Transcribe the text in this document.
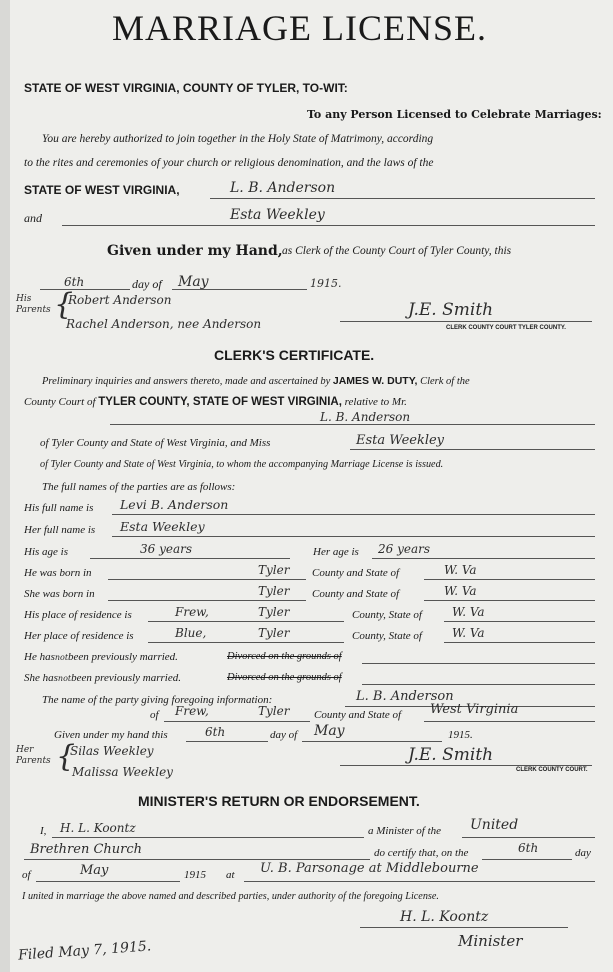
MARRIAGE LICENSE.
STATE OF WEST VIRGINIA, COUNTY OF TYLER, TO-WIT:
To any Person Licensed to Celebrate Marriages:
You are hereby authorized to join together in the Holy State of Matrimony, according
to the rites and ceremonies of your church or religious denomination, and the laws of the
STATE OF WEST VIRGINIA,	L. B. Anderson
and	Esta Weekley
Given under my Hand, as Clerk of the County Court of Tyler County, this
6th	day of May	1915.
His
Parents {
Robert Anderson
Rachel Anderson, nee Anderson
J.E. Smith
CLERK COUNTY COURT TYLER COUNTY.
CLERK'S CERTIFICATE.
Preliminary inquiries and answers thereto, made and ascertained by JAMES W. DUTY, Clerk of the
County Court of TYLER COUNTY, STATE OF WEST VIRGINIA, relative to Mr.
L. B. Anderson
of Tyler County and State of West Virginia, and Miss	Esta Weekley
of Tyler County and State of West Virginia, to whom the accompanying Marriage License is issued.
The full names of the parties are as follows:
His full name is Levi B. Anderson
Her full name is Esta Weekley
His age is	36 years	Her age is 26 years
He was born in	Tyler County and State of	W. Va
She was born in	Tyler County and State of	W. Va
His place of residence is	Frew,	Tyler	County, State of	W. Va
Her place of residence is	Blue,	Tyler	County, State of	W. Va
He hasnotbeen previously married.	Divorced on the grounds of
She hasnotbeen previously married.	Divorced on the grounds of
The name of the party giving foregoing information:	L. B. Anderson
of Frew,	Tyler County and State of West Virginia
Given under my hand this	6th	day of May	1915.
Her
Parents {
Silas Weekley
Malissa Weekley
J.E. Smith
CLERK COUNTY COURT.
MINISTER'S RETURN OR ENDORSEMENT.
I, H. L. Koontz	a Minister of the United
Brethren Church	do certify that, on the	6th	day
of	May	1915 at U. B. Parsonage at Middlebourne
I united in marriage the above named and described parties, under authority of the foregoing License.
H. L. Koontz
Minister
Filed May 7, 1915.
